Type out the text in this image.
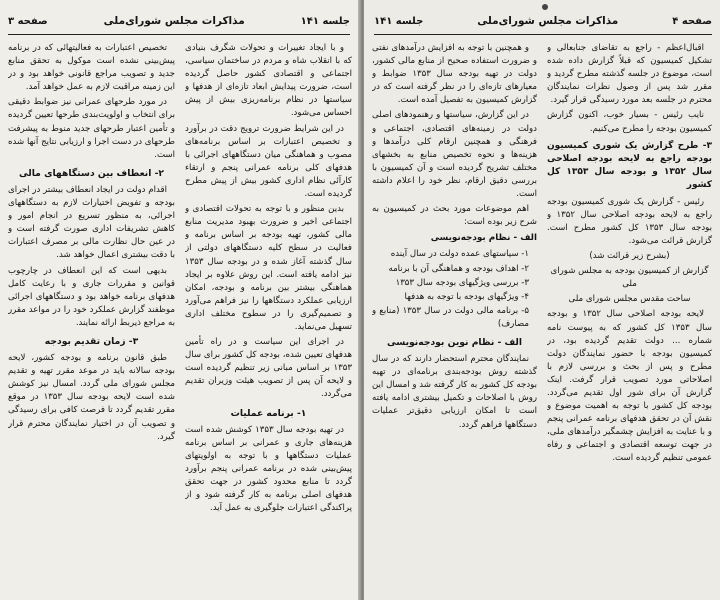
جلسه ۱۴۱
مذاکرات مجلس شورای‌ملی
صفحه ۳

و با ایجاد تغییرات و تحولات شگرف بنیادی که با انقلاب شاه و مردم در ساختمان سیاسی، اجتماعی و اقتصادی کشور حاصل گردیده است، ضرورت پیدایش ابعاد تازه‌ای از هدفها و سیاستها در نظام برنامه‌ریزی بیش از پیش احساس می‌شود.

در این شرایط ضرورت ترویج دقت در برآورد و تخصیص اعتبارات بر اساس برنامه‌های مصوب و هماهنگی میان دستگاههای اجرائی با هدفهای کلی برنامه عمرانی پنجم و ارتقاء کارآئی نظام اداری کشور بیش از پیش مطرح گردیده است.

بدین منظور و با توجه به تحولات اقتصادی و اجتماعی اخیر و ضرورت بهبود مدیریت منابع مالی کشور، تهیه بودجه بر اساس برنامه و فعالیت در سطح کلیه دستگاههای دولتی از سال گذشته آغاز شده و در بودجه سال ۱۳۵۳ نیز ادامه یافته است. این روش علاوه بر ایجاد هماهنگی بیشتر بین برنامه و بودجه، امکان ارزیابی عملکرد دستگاهها را نیز فراهم می‌آورد و تصمیم‌گیری را در سطوح مختلف اداری تسهیل می‌نماید.

در اجرای این سیاست و در راه تأمین هدفهای تعیین شده، بودجه کل کشور برای سال ۱۳۵۳ بر اساس مبانی زیر تنظیم گردیده است و لایحه آن پس از تصویب هیئت وزیران تقدیم می‌گردد.

۱- برنامه عملیات

در تهیه بودجه سال ۱۳۵۳ کوشش شده است هزینه‌های جاری و عمرانی بر اساس برنامه عملیات دستگاهها و با توجه به اولویتهای پیش‌بینی شده در برنامه عمرانی پنجم برآورد گردد تا منابع محدود کشور در جهت تحقق هدفهای اصلی برنامه به کار گرفته شود و از پراکندگی اعتبارات جلوگیری به عمل آید.

تخصیص اعتبارات به فعالیتهائی که در برنامه پیش‌بینی نشده است موکول به تحقق منابع جدید و تصویب مراجع قانونی خواهد بود و در این زمینه مراقبت لازم به عمل خواهد آمد.

در مورد طرحهای عمرانی نیز ضوابط دقیقی برای انتخاب و اولویت‌بندی طرحها تعیین گردیده و تأمین اعتبار طرحهای جدید منوط به پیشرفت طرحهای در دست اجرا و ارزیابی نتایج آنها شده است.

۲- انعطاف بین دستگاههای مالی

اقدام دولت در ایجاد انعطاف بیشتر در اجرای بودجه و تفویض اختیارات لازم به دستگاههای اجرائی، به منظور تسریع در انجام امور و کاهش تشریفات اداری صورت گرفته است و در عین حال نظارت مالی بر مصرف اعتبارات با دقت بیشتری اعمال خواهد شد.

بدیهی است که این انعطاف در چارچوب قوانین و مقررات جاری و با رعایت کامل هدفهای برنامه خواهد بود و دستگاههای اجرائی موظفند گزارش عملکرد خود را در مواعد مقرر به مراجع ذیربط ارائه نمایند.

۳- زمان تقدیم بودجه

طبق قانون برنامه و بودجه کشور، لایحه بودجه سالانه باید در موعد مقرر تهیه و تقدیم مجلس شورای ملی گردد. امسال نیز کوشش شده است لایحه بودجه سال ۱۳۵۳ در موقع مقرر تقدیم گردد تا فرصت کافی برای رسیدگی و تصویب آن در اختیار نمایندگان محترم قرار گیرد.

صفحه ۴
مذاکرات مجلس شورای‌ملی
جلسه ۱۴۱

اقبال‌اعظم - راجع به تقاضای جنابعالی و تشکیل کمیسیون که قبلاً گزارش داده شده است، موضوع در جلسه گذشته مطرح گردید و مقرر شد پس از وصول نظرات نمایندگان محترم در جلسه بعد مورد رسیدگی قرار گیرد.

نایب رئیس - بسیار خوب، اکنون گزارش کمیسیون بودجه را مطرح می‌کنیم.

۳- طرح گزارش یک شوری کمیسیون بودجه راجع به لایحه بودجه اصلاحی سال ۱۳۵۲ و بودجه سال ۱۳۵۳ کل کشور

رئیس - گزارش یک شوری کمیسیون بودجه راجع به لایحه بودجه اصلاحی سال ۱۳۵۲ و بودجه سال ۱۳۵۳ کل کشور مطرح است. گزارش قرائت می‌شود.

(بشرح زیر قرائت شد)
گزارش از کمیسیون بودجه به مجلس شورای ملی
ساحت مقدس مجلس شورای ملی

لایحه بودجه اصلاحی سال ۱۳۵۲ و بودجه سال ۱۳۵۳ کل کشور که به پیوست نامه شماره ... دولت تقدیم گردیده بود، در کمیسیون بودجه با حضور نمایندگان دولت مطرح و پس از بحث و بررسی لازم با اصلاحاتی مورد تصویب قرار گرفت. اینک گزارش آن برای شور اول تقدیم می‌گردد. بودجه کل کشور با توجه به اهمیت موضوع و نقش آن در تحقق هدفهای برنامه عمرانی پنجم و با عنایت به افزایش چشمگیر درآمدهای ملی، در جهت توسعه اقتصادی و اجتماعی و رفاه عمومی تنظیم گردیده است.

و همچنین با توجه به افزایش درآمدهای نفتی و ضرورت استفاده صحیح از منابع مالی کشور، دولت در تهیه بودجه سال ۱۳۵۳ ضوابط و معیارهای تازه‌ای را در نظر گرفته است که در گزارش کمیسیون به تفصیل آمده است.

در این گزارش، سیاستها و رهنمودهای اصلی دولت در زمینه‌های اقتصادی، اجتماعی و فرهنگی و همچنین ارقام کلی درآمدها و هزینه‌ها و نحوه تخصیص منابع به بخشهای مختلف تشریح گردیده است و آن کمیسیون با بررسی دقیق ارقام، نظر خود را اعلام داشته است.

اهم موضوعات مورد بحث در کمیسیون به شرح زیر بوده است:

الف - نظام بودجه‌نویسی
۱- سیاستهای عمده دولت در سال آینده
۲- اهداف بودجه و هماهنگی آن با برنامه
۳- بررسی ویژگیهای بودجه سال ۱۳۵۳
۴- ویژگیهای بودجه با توجه به هدفها
۵- برنامه مالی دولت در سال ۱۳۵۳ (منابع و مصارف)
الف - نظام نوین بودجه‌نویسی

نمایندگان محترم استحضار دارند که در سال گذشته روش بودجه‌بندی برنامه‌ای در تهیه بودجه کل کشور به کار گرفته شد و امسال این روش با اصلاحات و تکمیل بیشتری ادامه یافته است تا امکان ارزیابی دقیق‌تر عملیات دستگاهها فراهم گردد.
